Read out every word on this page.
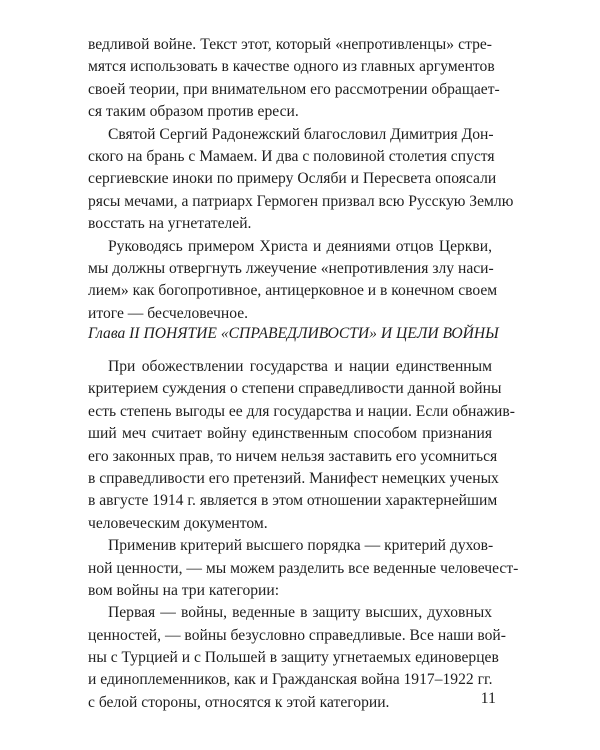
ведливой войне. Текст этот, который «непротивленцы» стре-
мятся использовать в качестве одного из главных аргументов
своей теории, при внимательном его рассмотрении обращает-
ся таким образом против ереси.
Святой Сергий Радонежский благословил Димитрия Дон-
ского на брань с Мамаем. И два с половиной столетия спустя
сергиевские иноки по примеру Осляби и Пересвета опоясали
рясы мечами, а патриарх Гермоген призвал всю Русскую Землю
восстать на угнетателей.
Руководясь примером Христа и деяниями отцов Церкви,
мы должны отвергнуть лжеучение «непротивления злу наси-
лием» как богопротивное, антицерковное и в конечном своем
итоге — бесчеловечное.
Глава II ПОНЯТИЕ «СПРАВЕДЛИВОСТИ» И ЦЕЛИ ВОЙНЫ
При обожествлении государства и нации единственным
критерием суждения о степени справедливости данной войны
есть степень выгоды ее для государства и нации. Если обнажив-
ший меч считает войну единственным способом признания
его законных прав, то ничем нельзя заставить его усомниться
в справедливости его претензий. Манифест немецких ученых
в августе 1914 г. является в этом отношении характернейшим
человеческим документом.
Применив критерий высшего порядка — критерий духов-
ной ценности, — мы можем разделить все веденные человечест-
вом войны на три категории:
Первая — войны, веденные в защиту высших, духовных
ценностей, — войны безусловно справедливые. Все наши вой-
ны с Турцией и с Польшей в защиту угнетаемых единоверцев
и единоплеменников, как и Гражданская война 1917–1922 гг.
с белой стороны, относятся к этой категории.	11
